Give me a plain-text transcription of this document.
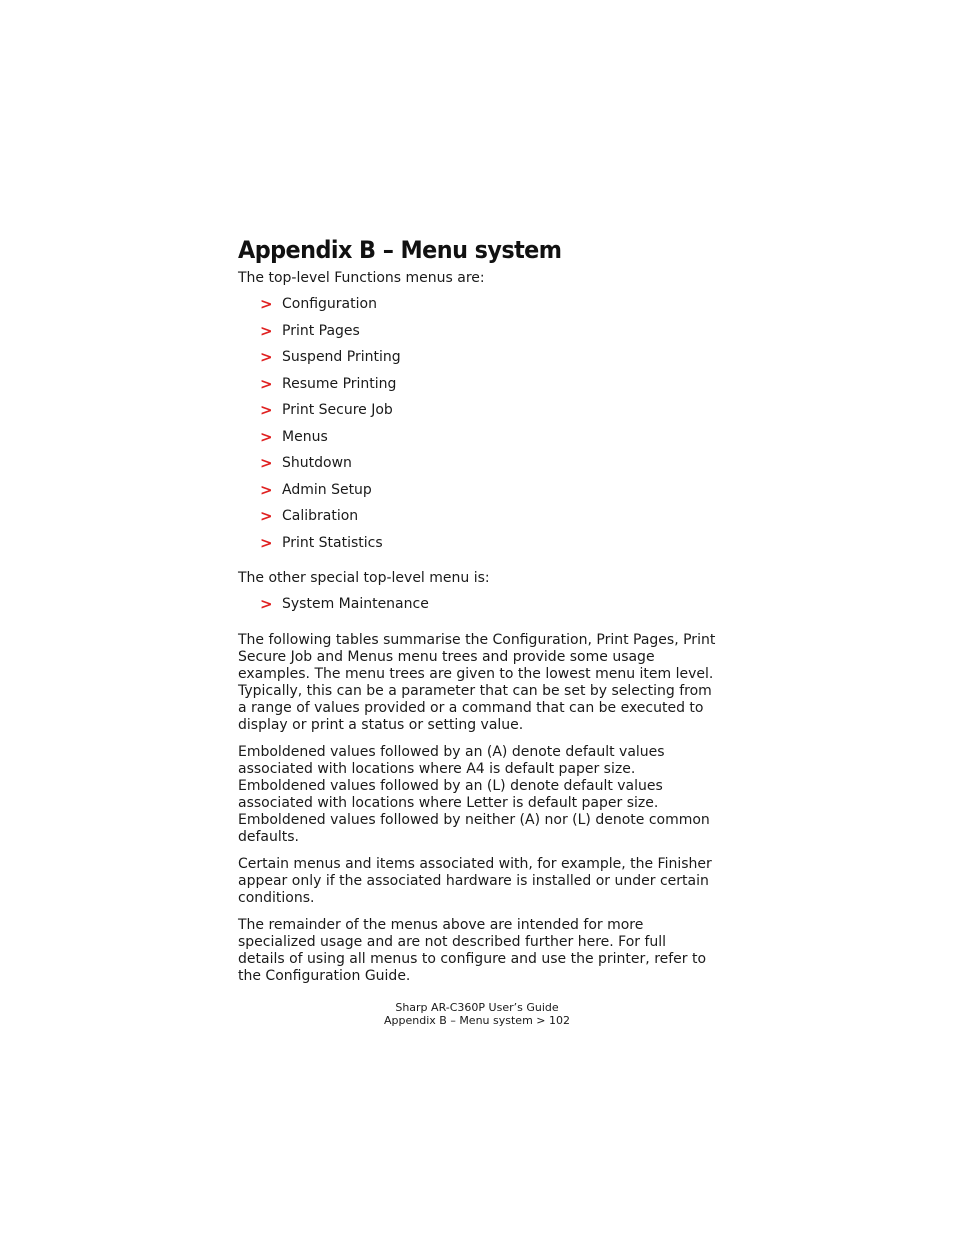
Appendix B – Menu system

The top-level Functions menus are:

> Configuration
> Print Pages
> Suspend Printing
> Resume Printing
> Print Secure Job
> Menus
> Shutdown
> Admin Setup
> Calibration
> Print Statistics

The other special top-level menu is:

> System Maintenance

The following tables summarise the Configuration, Print Pages, Print Secure Job and Menus menu trees and provide some usage examples. The menu trees are given to the lowest menu item level. Typically, this can be a parameter that can be set by selecting from a range of values provided or a command that can be executed to display or print a status or setting value.

Emboldened values followed by an (A) denote default values associated with locations where A4 is default paper size. Emboldened values followed by an (L) denote default values associated with locations where Letter is default paper size. Emboldened values followed by neither (A) nor (L) denote common defaults.

Certain menus and items associated with, for example, the Finisher appear only if the associated hardware is installed or under certain conditions.

The remainder of the menus above are intended for more specialized usage and are not described further here. For full details of using all menus to configure and use the printer, refer to the Configuration Guide.

Sharp AR-C360P User’s Guide
Appendix B – Menu system > 102
